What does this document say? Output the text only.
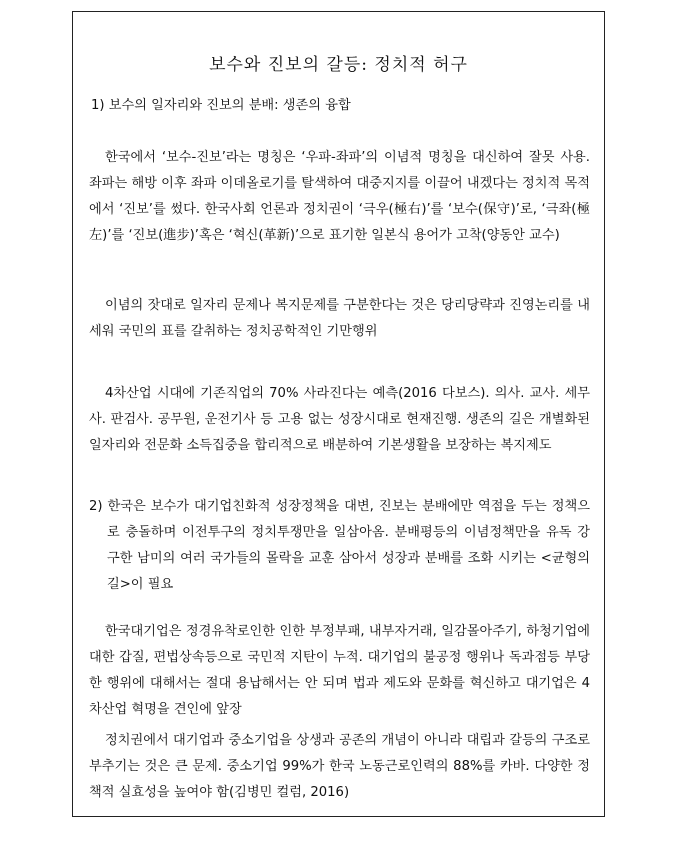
보수와 진보의 갈등: 정치적 허구
1) 보수의 일자리와 진보의 분배: 생존의 융합
한국에서 ‘보수-진보’라는 명칭은 ‘우파-좌파’의 이념적 명칭을 대신하여 잘못 사용. 좌파는 해방 이후 좌파 이데올로기를 탈색하여 대중지지를 이끌어 내겠다는 정치적 목적에서 ‘진보’를 썼다. 한국사회 언론과 정치권이 ‘극우(極右)’를 ‘보수(保守)’로, ‘극좌(極左)’를 ‘진보(進步)’혹은 ‘혁신(革新)’으로 표기한 일본식 용어가 고착(양동안 교수)
이념의 잣대로 일자리 문제나 복지문제를 구분한다는 것은 당리당략과 진영논리를 내세워 국민의 표를 갈취하는 정치공학적인 기만행위
4차산업 시대에 기존직업의 70% 사라진다는 예측(2016 다보스). 의사. 교사. 세무사. 판검사. 공무원, 운전기사 등 고용 없는 성장시대로 현재진행. 생존의 길은 개별화된 일자리와 전문화 소득집중을 합리적으로 배분하여 기본생활을 보장하는 복지제도
2) 한국은 보수가 대기업친화적 성장정책을 대변, 진보는 분배에만 역점을 두는 정책으로 충돌하며 이전투구의 정치투쟁만을 일삼아옴. 분배평등의 이념정책만을 유독 강구한 남미의 여러 국가들의 몰락을 교훈 삼아서 성장과 분배를 조화 시키는 <균형의 길>이 필요
한국대기업은 정경유착로인한 인한 부정부패, 내부자거래, 일감몰아주기, 하청기업에대한 갑질, 편법상속등으로 국민적 지탄이 누적. 대기업의 불공정 행위나 독과점등 부당한 행위에 대해서는 절대 용납해서는 안 되며 법과 제도와 문화를 혁신하고 대기업은 4차산업 혁명을 견인에 앞장
정치권에서 대기업과 중소기업을 상생과 공존의 개념이 아니라 대립과 갈등의 구조로 부추기는 것은 큰 문제. 중소기업 99%가 한국 노동근로인력의 88%를 카바. 다양한 정책적 실효성을 높여야 함(김병민 컬럼, 2016)
